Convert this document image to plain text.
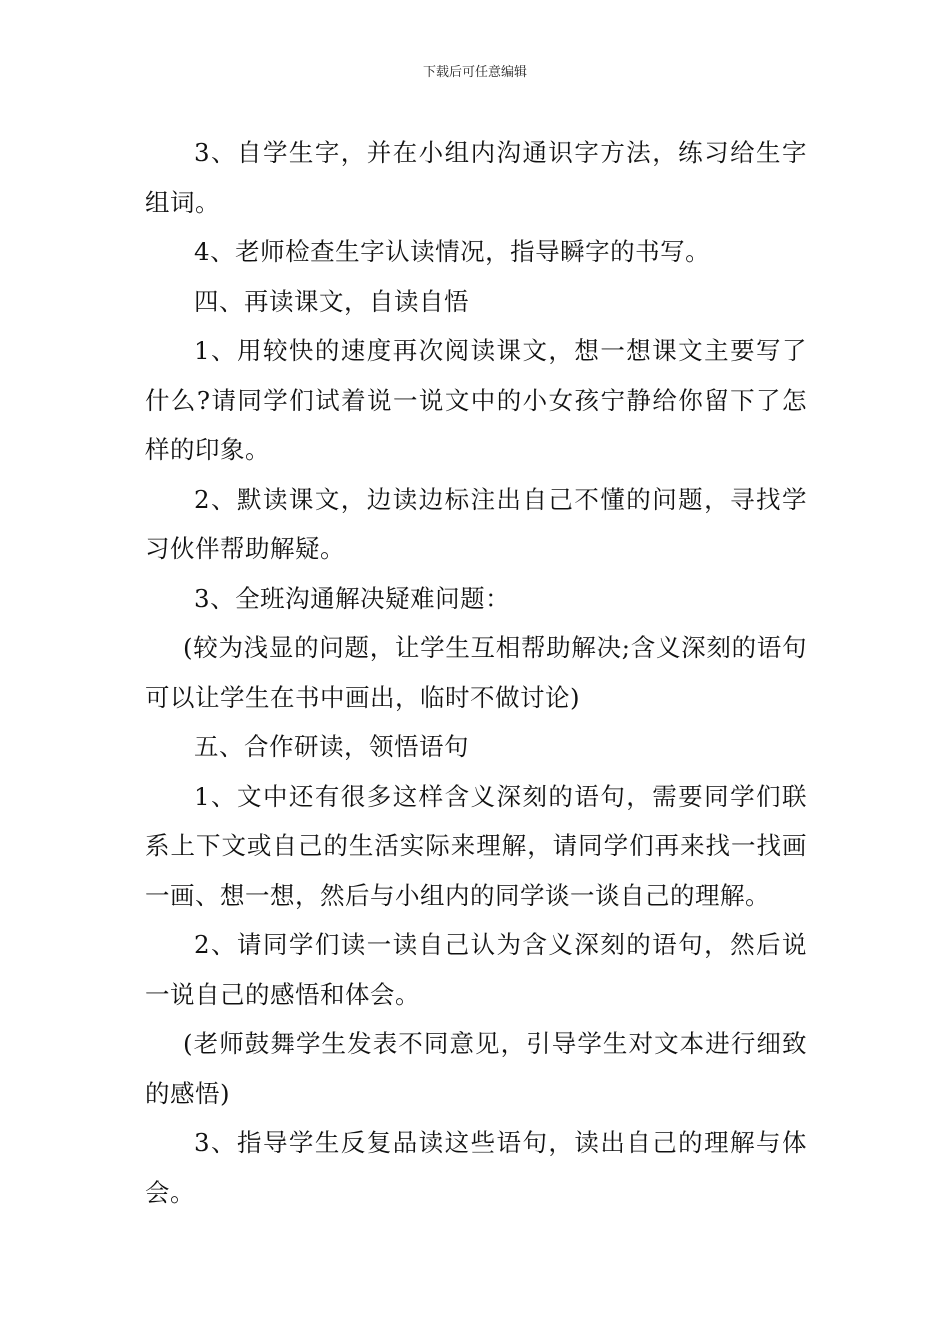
下载后可任意编辑

3、自学生字，并在小组内沟通识字方法，练习给生字组词。

4、老师检查生字认读情况，指导瞬字的书写。

四、再读课文，自读自悟

1、用较快的速度再次阅读课文，想一想课文主要写了什么?请同学们试着说一说文中的小女孩宁静给你留下了怎样的印象。

2、默读课文，边读边标注出自己不懂的问题，寻找学习伙伴帮助解疑。

3、全班沟通解决疑难问题：

(较为浅显的问题，让学生互相帮助解决;含义深刻的语句可以让学生在书中画出，临时不做讨论)

五、合作研读，领悟语句

1、文中还有很多这样含义深刻的语句，需要同学们联系上下文或自己的生活实际来理解，请同学们再来找一找画一画、想一想，然后与小组内的同学谈一谈自己的理解。

2、请同学们读一读自己认为含义深刻的语句，然后说一说自己的感悟和体会。

(老师鼓舞学生发表不同意见，引导学生对文本进行细致的感悟)

3、指导学生反复品读这些语句，读出自己的理解与体会。
